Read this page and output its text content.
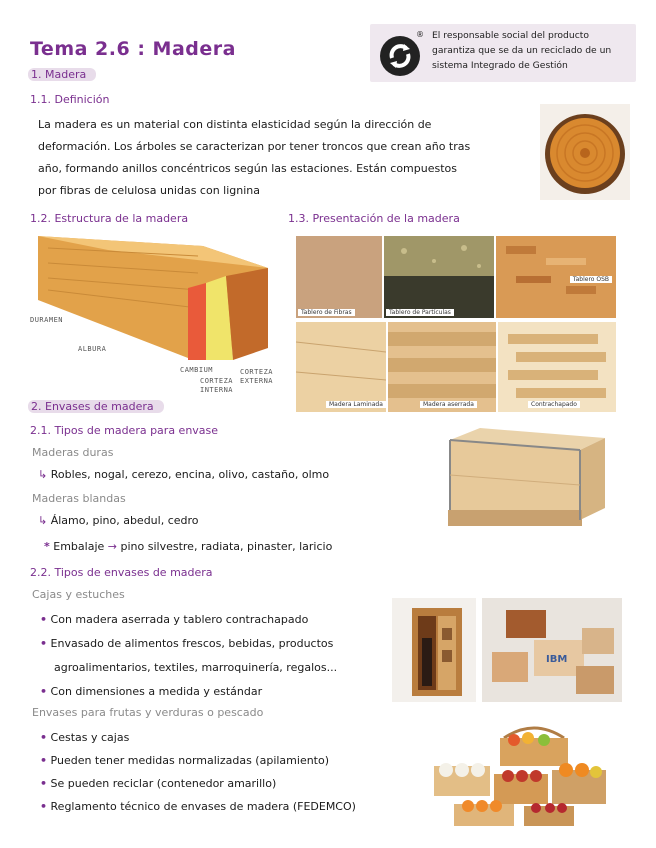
Tema 2.6 : Madera
® El responsable social del producto garantiza que se da un reciclado de un sistema Integrado de Gestión
1. Madera
1.1. Definición
La madera es un material con distinta elasticidad según la dirección de
deformación. Los árboles se caracterizan por tener troncos que crean año tras
año, formando anillos concéntricos según las estaciones. Están compuestos
por fibras de celulosa unidas con lignina
1.2. Estructura de la madera
DURAMEN
ALBURA
CAMBIUM
CORTEZA
INTERNA
CORTEZA
EXTERNA
1.3. Presentación de la madera
Tablero de Fibras	Tablero de Partículas
Tablero OSB
Madera Laminada	Madera aserrada	Contrachapado
2. Envases de madera
2.1. Tipos de madera para envase
Maderas duras
↳ Robles, nogal, cerezo, encina, olivo, castaño, olmo
Maderas blandas
↳ Álamo, pino, abedul, cedro
* Embalaje → pino silvestre, radiata, pinaster, laricio
2.2. Tipos de envases de madera
Cajas y estuches
• Con madera aserrada y tablero contrachapado
• Envasado de alimentos frescos, bebidas, productos
agroalimentarios, textiles, marroquinería, regalos...
• Con dimensiones a medida y estándar
IBM
Envases para frutas y verduras o pescado
• Cestas y cajas
• Pueden tener medidas normalizadas (apilamiento)
• Se pueden reciclar (contenedor amarillo)
• Reglamento técnico de envases de madera (FEDEMCO)
